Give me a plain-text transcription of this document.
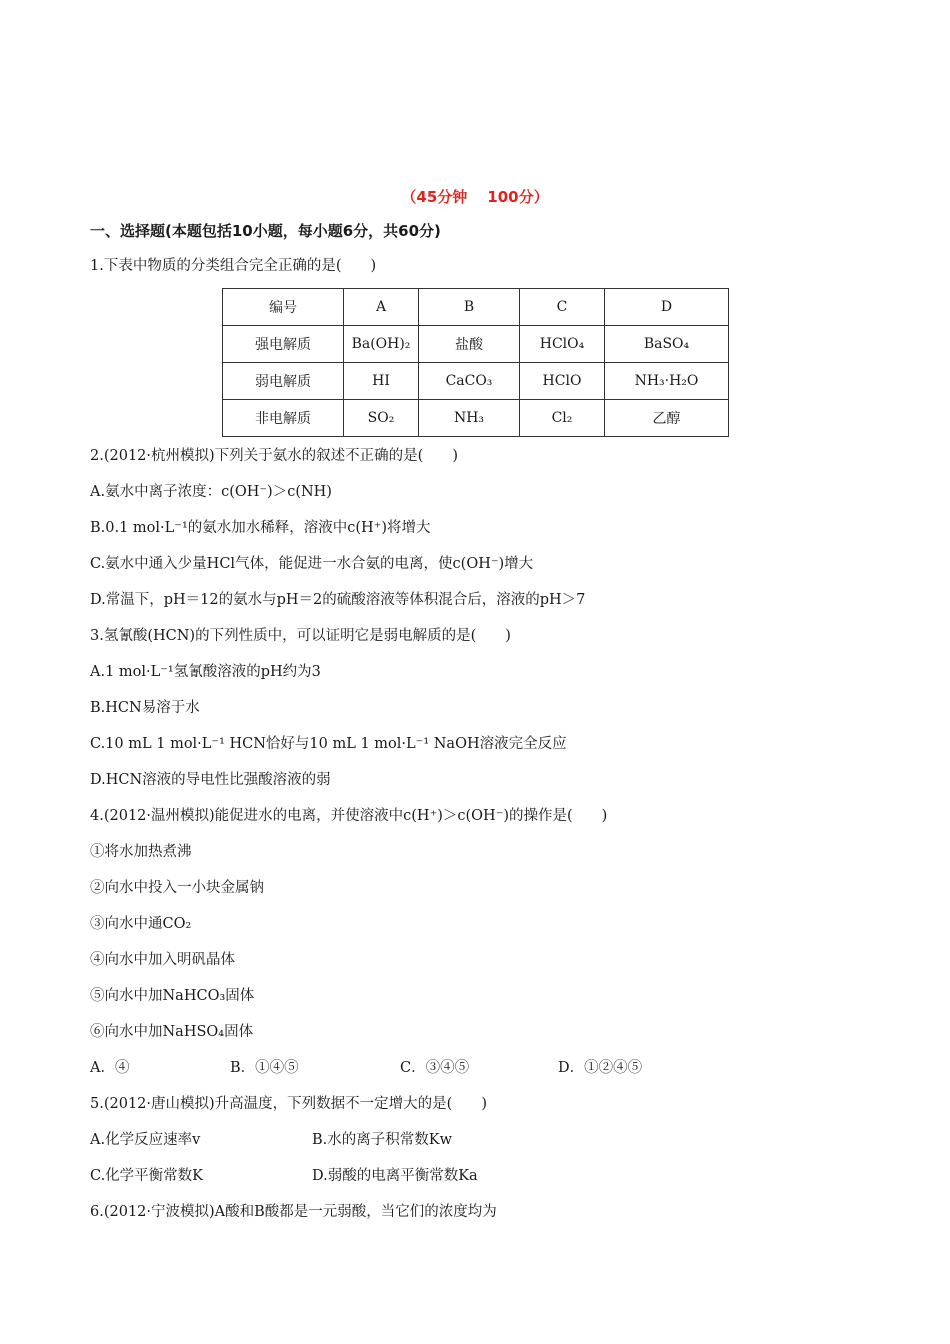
（45分钟 100分）
一、选择题(本题包括10小题，每小题6分，共60分)
1.下表中物质的分类组合完全正确的是(　　)
编号	A	B	C	D
强电解质	Ba(OH)₂	盐酸	HClO₄	BaSO₄
弱电解质	HI	CaCO₃	HClO	NH₃·H₂O
非电解质	SO₂	NH₃	Cl₂	乙醇
2.(2012·杭州模拟)下列关于氨水的叙述不正确的是(　　)
A.氨水中离子浓度：c(OH⁻)＞c(NH)
B.0.1 mol·L⁻¹的氨水加水稀释，溶液中c(H⁺)将增大
C.氨水中通入少量HCl气体，能促进一水合氨的电离，使c(OH⁻)增大
D.常温下，pH＝12的氨水与pH＝2的硫酸溶液等体积混合后，溶液的pH＞7
3.氢氰酸(HCN)的下列性质中，可以证明它是弱电解质的是(　　)
A.1 mol·L⁻¹氢氰酸溶液的pH约为3
B.HCN易溶于水
C.10 mL 1 mol·L⁻¹ HCN恰好与10 mL 1 mol·L⁻¹ NaOH溶液完全反应
D.HCN溶液的导电性比强酸溶液的弱
4.(2012·温州模拟)能促进水的电离，并使溶液中c(H⁺)＞c(OH⁻)的操作是(　　)
①将水加热煮沸
②向水中投入一小块金属钠
③向水中通CO₂
④向水中加入明矾晶体
⑤向水中加NaHCO₃固体
⑥向水中加NaHSO₄固体
A．④	B．①④⑤	C．③④⑤	D．①②④⑤
5.(2012·唐山模拟)升高温度，下列数据不一定增大的是(　　)
A.化学反应速率v	B.水的离子积常数Kw
C.化学平衡常数K	D.弱酸的电离平衡常数Ka
6.(2012·宁波模拟)A酸和B酸都是一元弱酸，当它们的浓度均为
